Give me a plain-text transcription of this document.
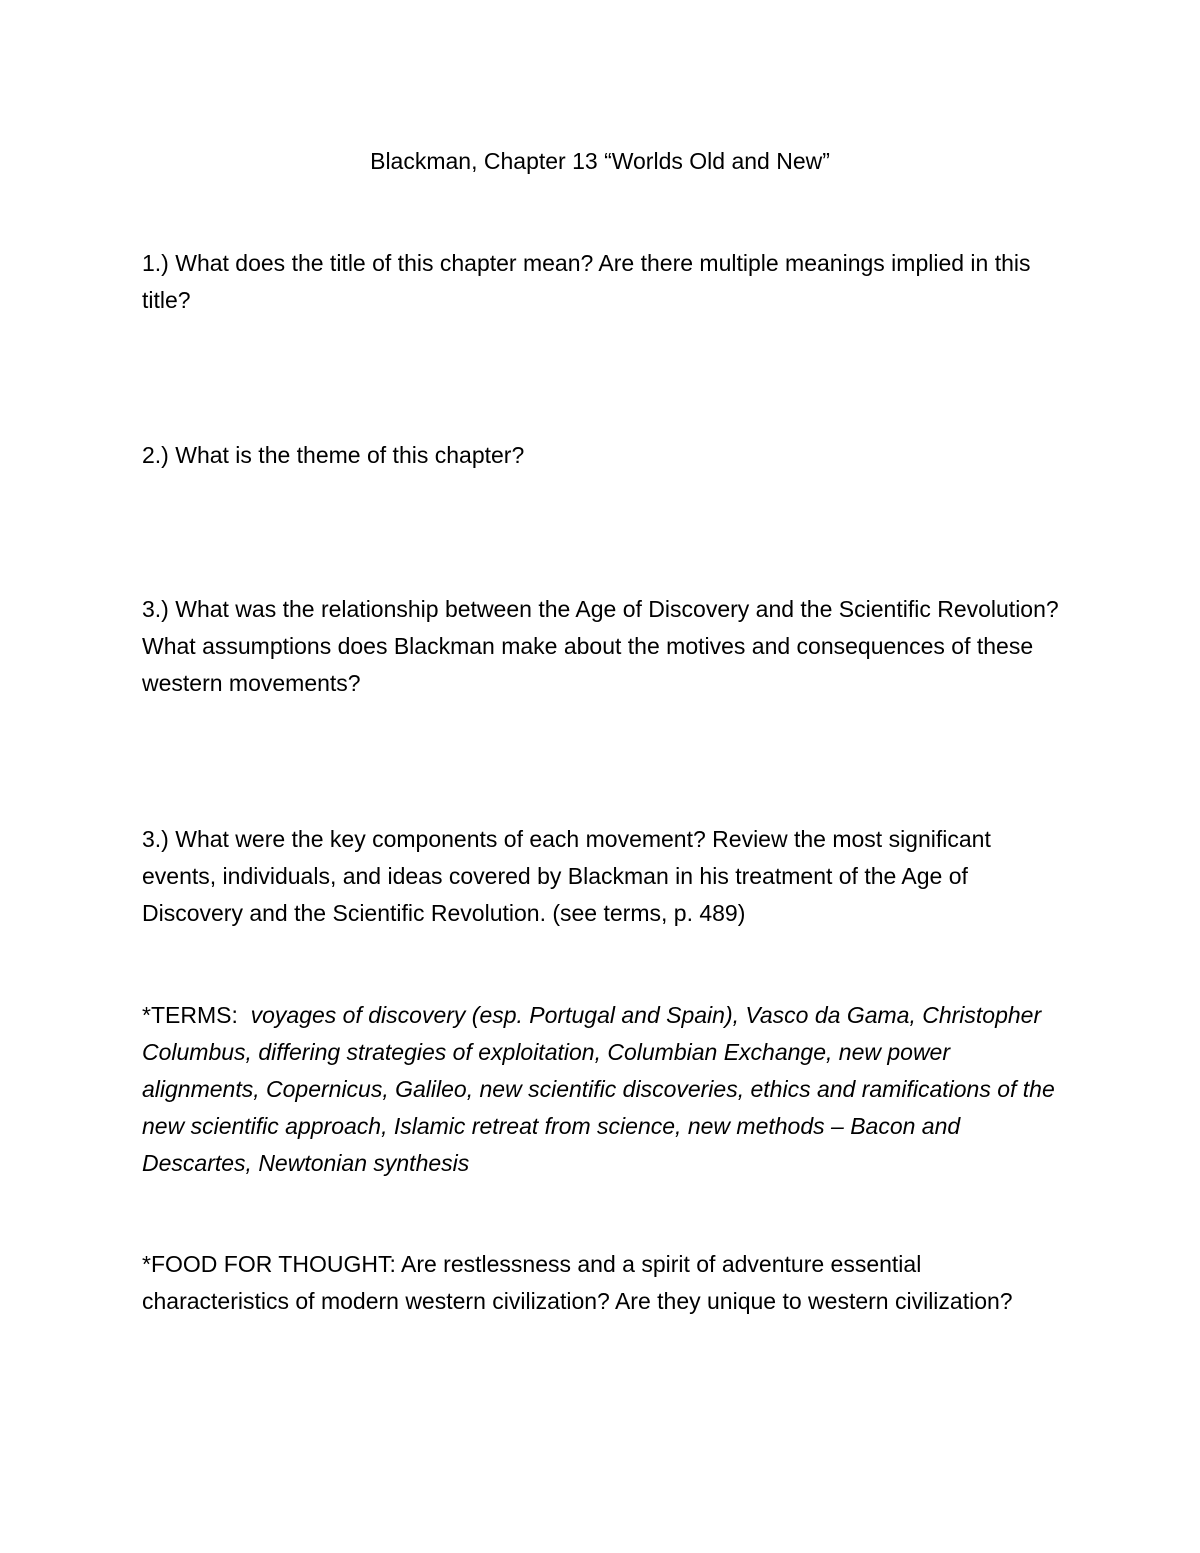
Blackman, Chapter 13 “Worlds Old and New”

1.) What does the title of this chapter mean? Are there multiple meanings implied in this title?

2.) What is the theme of this chapter?

3.) What was the relationship between the Age of Discovery and the Scientific Revolution? What assumptions does Blackman make about the motives and consequences of these western movements?

3.) What were the key components of each movement? Review the most significant events, individuals, and ideas covered by Blackman in his treatment of the Age of Discovery and the Scientific Revolution. (see terms, p. 489)

*TERMS:  voyages of discovery (esp. Portugal and Spain), Vasco da Gama, Christopher Columbus, differing strategies of exploitation, Columbian Exchange, new power alignments, Copernicus, Galileo, new scientific discoveries, ethics and ramifications of the new scientific approach, Islamic retreat from science, new methods – Bacon and Descartes, Newtonian synthesis

*FOOD FOR THOUGHT: Are restlessness and a spirit of adventure essential characteristics of modern western civilization? Are they unique to western civilization?
